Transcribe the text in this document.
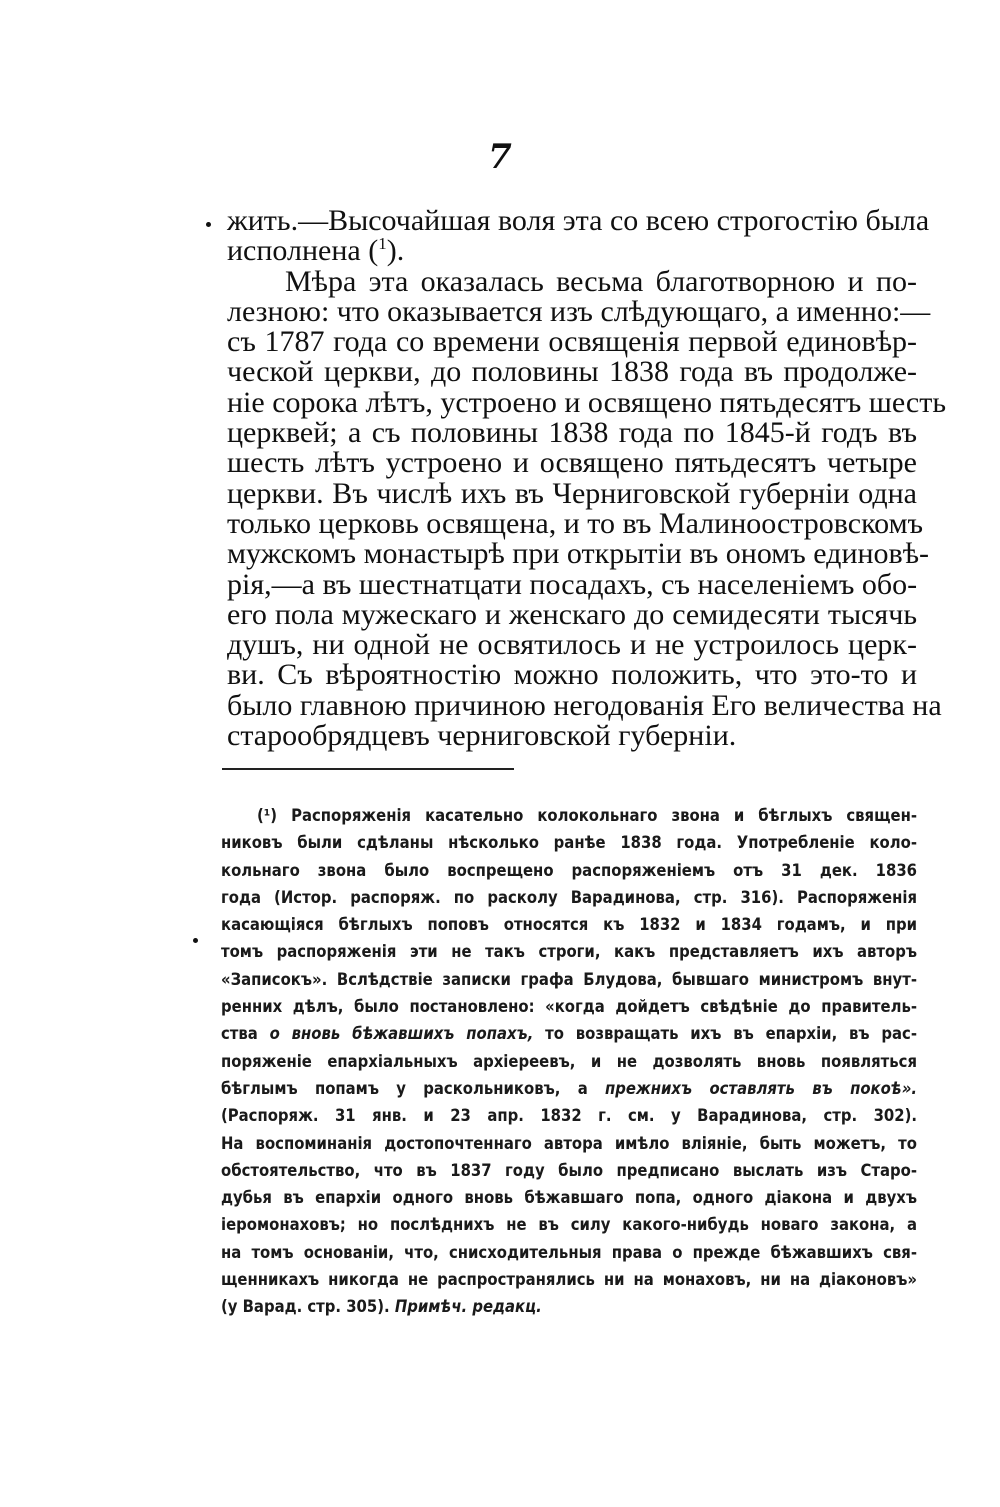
7
жить.—Высочайшая воля эта со всею строгостію была
исполнена ($^1$).
Мѣра эта оказалась весьма благотворною и по-
лезною: что оказывается изъ слѣдующаго, а именно:—
съ 1787 года со времени освященія первой единовѣр-
ческой церкви, до половины 1838 года въ продолже-
ніе сорока лѣтъ, устроено и освящено пятьдесятъ шесть
церквей; а съ половины 1838 года по 1845-й годъ въ
шесть лѣтъ устроено и освящено пятьдесятъ четыре
церкви. Въ числѣ ихъ въ Черниговской губерніи одна
только церковь освящена, и то въ Малиноостровскомъ
мужскомъ монастырѣ при открытіи въ ономъ единовѣ-
рія,—а въ шестнатцати посадахъ, съ населеніемъ обо-
его пола мужескаго и женскаго до семидесяти тысячь
душъ, ни одной не освятилось и не устроилось церк-
ви. Съ вѣроятностію можно положить, что это-то и
было главною причиною негодованія Его величества на
старообрядцевъ черниговской губерніи.
(¹) Распоряженія касательно колокольнаго звона и бѣглыхъ священ-
никовъ были сдѣланы нѣсколько ранѣе 1838 года. Употребленіе коло-
кольнаго звона было воспрещено распоряженіемъ отъ 31 дек. 1836
года (Истор. распоряж. по расколу Варадинова, стр. 316). Распоряженія
касающіяся бѣглыхъ поповъ относятся къ 1832 и 1834 годамъ, и при
томъ распоряженія эти не такъ строги, какъ представляетъ ихъ авторъ
«Записокъ». Вслѣдствіе записки графа Блудова, бывшаго министромъ внут-
ренних дѣлъ, было постановлено: «когда дойдетъ свѣдѣніе до правитель-
ства о вновь бѣжавшихъ попахъ, то возвращать ихъ въ епархіи, въ рас-
поряженіе епархіальныхъ архіереевъ, и не дозволять вновь появляться
бѣглымъ попамъ у раскольниковъ, а прежнихъ оставлять въ покоѣ».
(Распоряж. 31 янв. и 23 апр. 1832 г. см. у Варадинова, стр. 302).
На воспоминанія достопочтеннаго автора имѣло вліяніе, быть можетъ, то
обстоятельство, что въ 1837 году было предписано выслать изъ Старо-
дубья въ епархіи одного вновь бѣжавшаго попа, одного діакона и двухъ
іеромонаховъ; но послѣднихъ не въ силу какого-нибудь новаго закона, а
на томъ основаніи, что, снисходительныя права о прежде бѣжавшихъ свя-
щенникахъ никогда не распространялись ни на монаховъ, ни на діаконовъ»
(у Варад. стр. 305). Примѣч. редакц.
